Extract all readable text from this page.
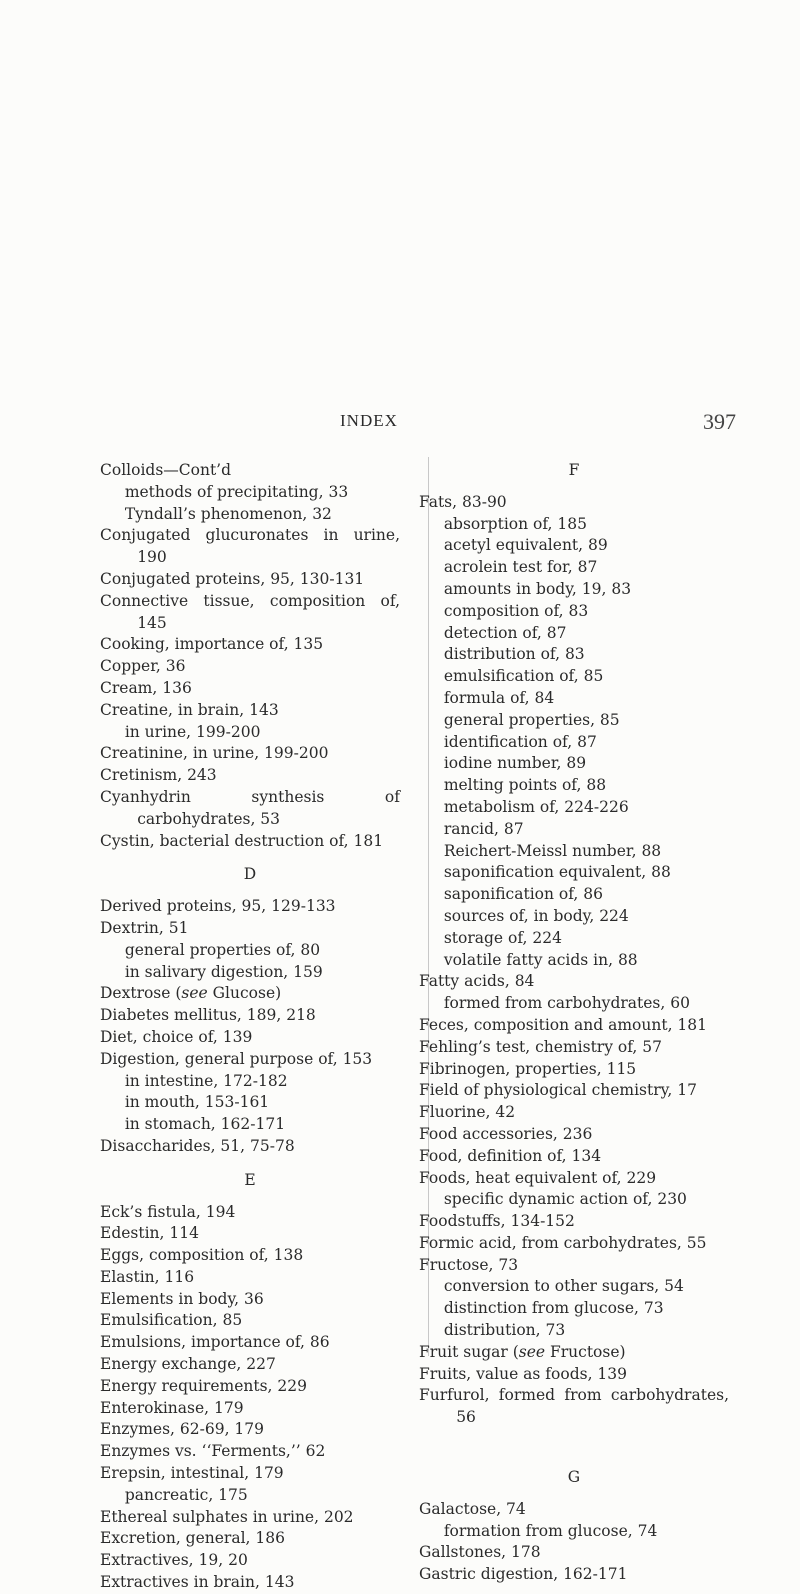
INDEX	397
Colloids—Cont’d
methods of precipitating, 33
Tyndall’s phenomenon, 32
Conjugated glucuronates in urine, 190
Conjugated proteins, 95, 130-131
Connective tissue, composition of, 145
Cooking, importance of, 135
Copper, 36
Cream, 136
Creatine, in brain, 143
in urine, 199-200
Creatinine, in urine, 199-200
Cretinism, 243
Cyanhydrin synthesis of carbohydrates, 53
Cystin, bacterial destruction of, 181
D
Derived proteins, 95, 129-133
Dextrin, 51
general properties of, 80
in salivary digestion, 159
Dextrose (see Glucose)
Diabetes mellitus, 189, 218
Diet, choice of, 139
Digestion, general purpose of, 153
in intestine, 172-182
in mouth, 153-161
in stomach, 162-171
Disaccharides, 51, 75-78
E
Eck’s fistula, 194
Edestin, 114
Eggs, composition of, 138
Elastin, 116
Elements in body, 36
Emulsification, 85
Emulsions, importance of, 86
Energy exchange, 227
Energy requirements, 229
Enterokinase, 179
Enzymes, 62-69, 179
Enzymes vs. ‘‘Ferments,’’ 62
Erepsin, intestinal, 179
pancreatic, 175
Ethereal sulphates in urine, 202
Excretion, general, 186
Extractives, 19, 20
Extractives in brain, 143
F
Fats, 83-90
absorption of, 185
acetyl equivalent, 89
acrolein test for, 87
amounts in body, 19, 83
composition of, 83
detection of, 87
distribution of, 83
emulsification of, 85
formula of, 84
general properties, 85
identification of, 87
iodine number, 89
melting points of, 88
metabolism of, 224-226
rancid, 87
Reichert-Meissl number, 88
saponification equivalent, 88
saponification of, 86
sources of, in body, 224
storage of, 224
volatile fatty acids in, 88
Fatty acids, 84
formed from carbohydrates, 60
Feces, composition and amount, 181
Fehling’s test, chemistry of, 57
Fibrinogen, properties, 115
Field of physiological chemistry, 17
Fluorine, 42
Food accessories, 236
Food, definition of, 134
Foods, heat equivalent of, 229
specific dynamic action of, 230
Foodstuffs, 134-152
Formic acid, from carbohydrates, 55
Fructose, 73
conversion to other sugars, 54
distinction from glucose, 73
distribution, 73
Fruit sugar (see Fructose)
Fruits, value as foods, 139
Furfurol, formed from carbohydrates, 56
G
Galactose, 74
formation from glucose, 74
Gallstones, 178
Gastric digestion, 162-171
